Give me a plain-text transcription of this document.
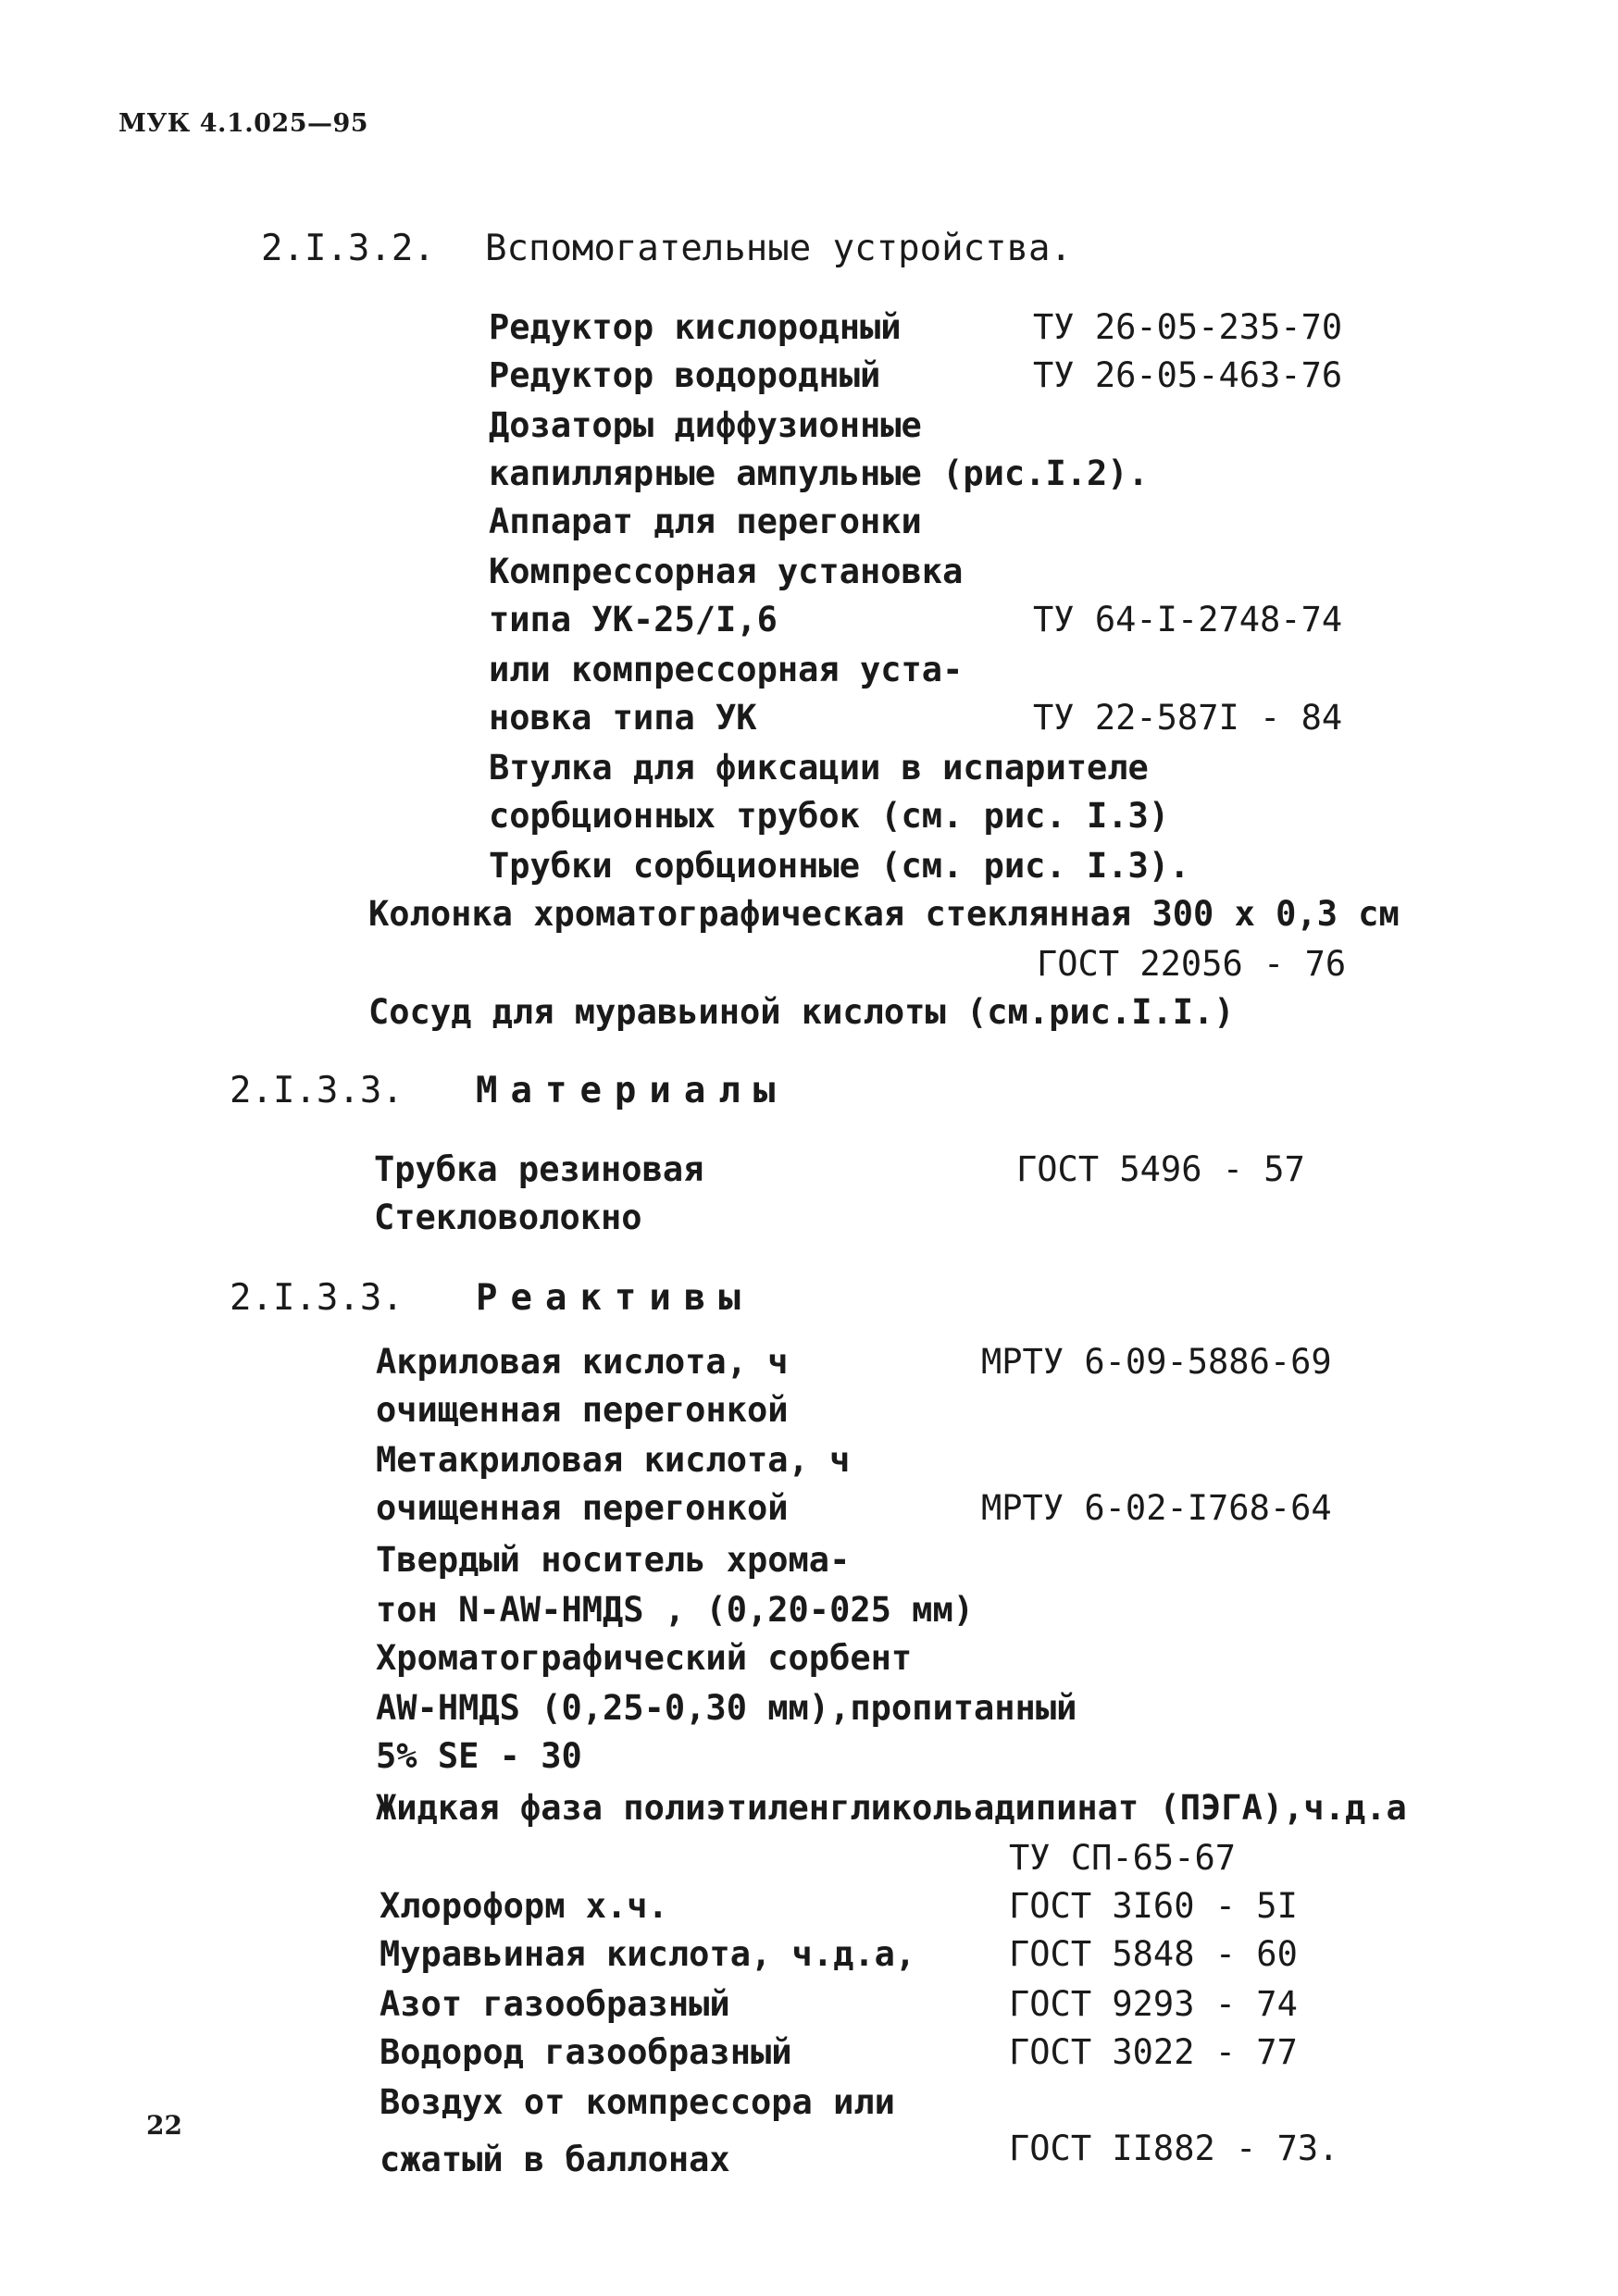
МУК 4.1.025—95
2.I.3.2. Вспомогательные устройства.
Редуктор кислородный	ТУ 26-05-235-70
Редуктор водородный	ТУ 26-05-463-76
Дозаторы диффузионные
капиллярные ампульные (рис.I.2).
Аппарат для перегонки
Компрессорная установка
типа УК-25/I,6	ТУ 64-I-2748-74
или компрессорная уста-
новка типа УК	ТУ 22-587I - 84
Втулка для фиксации в испарителе
сорбционных трубок (см. рис. I.3)
Трубки сорбционные (см. рис. I.3).
Колонка хроматографическая стеклянная 300 х 0,3 см
ГОСТ 22056 - 76
Сосуд для муравьиной кислоты (см.рис.I.I.)
2.I.3.3. Материалы
Трубка резиновая	ГОСТ 5496 - 57
Стекловолокно
2.I.3.3. Реактивы
Акриловая кислота, ч	МРТУ 6-09-5886-69
очищенная перегонкой
Метакриловая кислота, ч
очищенная перегонкой	МРТУ 6-02-I768-64
Твердый носитель хрома-
тон N-AW-НМДS , (0,20-025 мм)
Хроматографический сорбент
AW-НМДS (0,25-0,30 мм),пропитанный
5% SE - 30
Жидкая фаза полиэтиленгликольадипинат (ПЭГА),ч.д.а
ТУ СП-65-67
Хлороформ х.ч.	ГОСТ 3I60 - 5I
Муравьиная кислота, ч.д.а,	ГОСТ 5848 - 60
Азот газообразный	ГОСТ 9293 - 74
Водород газообразный	ГОСТ 3022 - 77
Воздух от компрессора или
сжатый в баллонах	ГОСТ II882 - 73.
22
